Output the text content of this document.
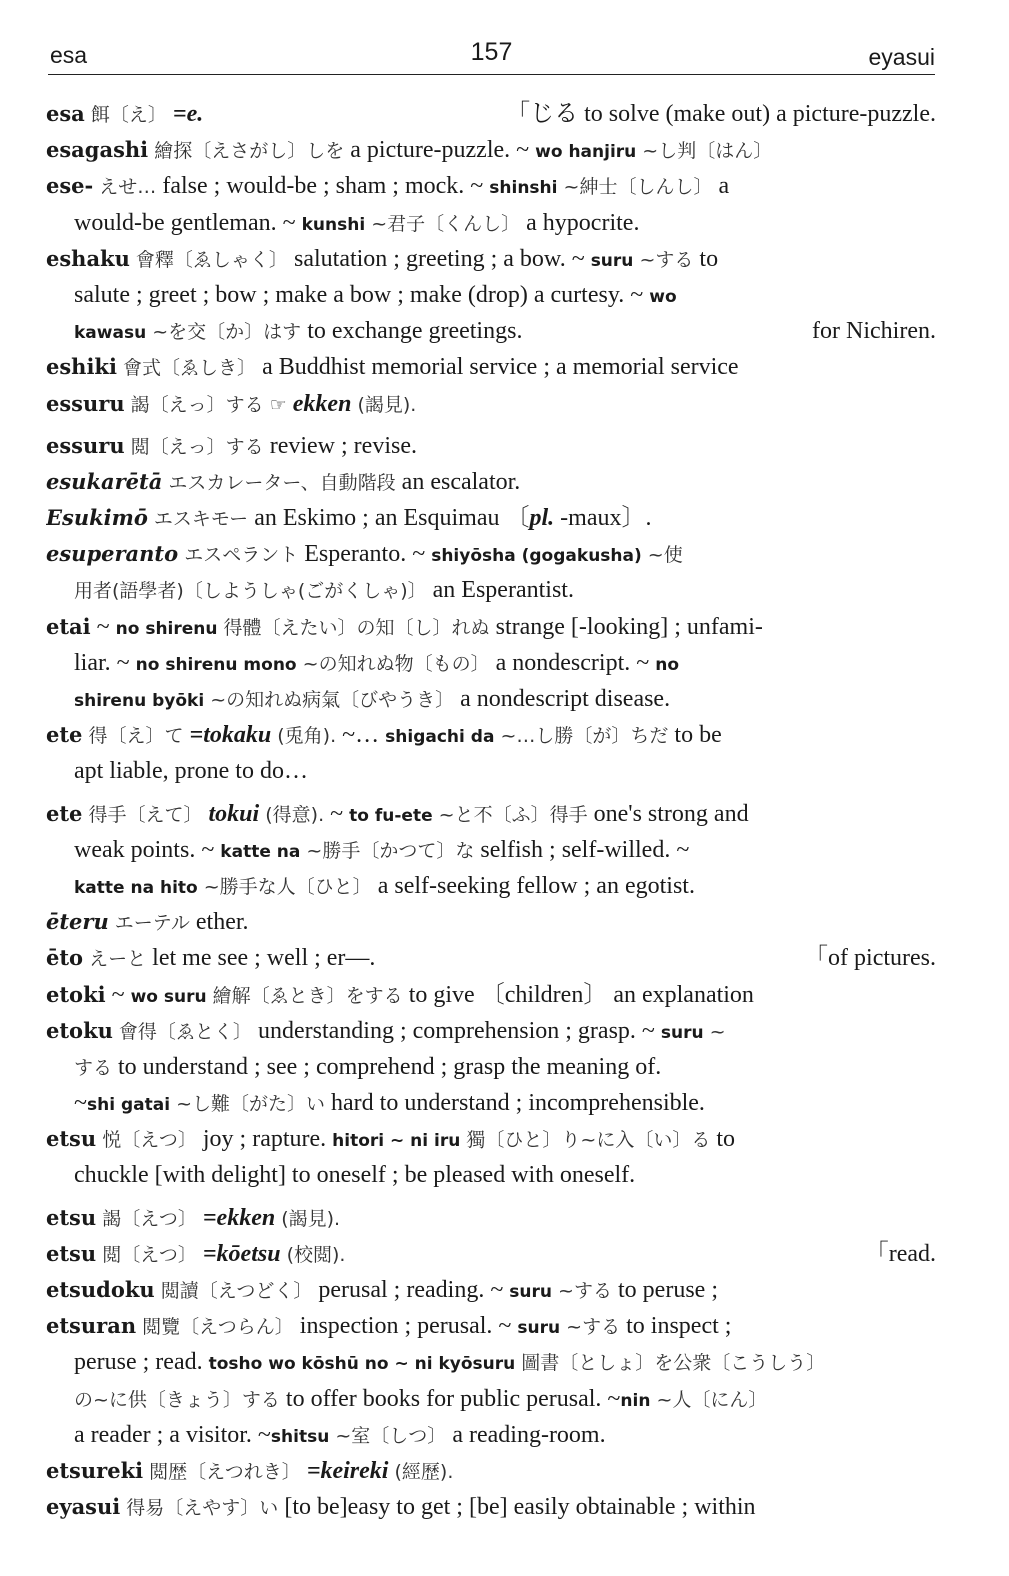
esa	157	eyasui
esa 餌〔え〕 =e.	「じる to solve (make out) a picture-puzzle.
esagashi 繪探〔えさがし〕しを a picture-puzzle. ~ wo hanjiru ~し判〔はん〕
ese- えせ… false ; would-be ; sham ; mock. ~ shinshi ~紳士〔しんし〕 a
would-be gentleman. ~ kunshi ~君子〔くんし〕 a hypocrite.
eshaku 會釋〔ゑしゃく〕 salutation ; greeting ; a bow. ~ suru ~する to
salute ; greet ; bow ; make a bow ; make (drop) a curtesy. ~ wo
kawasu ~を交〔か〕はす to exchange greetings.	for Nichiren.
eshiki 會式〔ゑしき〕 a Buddhist memorial service ; a memorial service
essuru 謁〔えっ〕する ☞ ekken (謁見).
essuru 閲〔えっ〕する review ; revise.
esukarētā エスカレーター、自動階段 an escalator.
Esukimō エスキモー an Eskimo ; an Esquimau 〔pl. -maux〕.
esuperanto エスペラント Esperanto. ~ shiyōsha (gogakusha) ~使
用者(語學者)〔しようしゃ(ごがくしゃ)〕 an Esperantist.
etai ~ no shirenu 得體〔えたい〕の知〔し〕れぬ strange [-looking] ; unfami-
liar. ~ no shirenu mono ~の知れぬ物〔もの〕 a nondescript. ~ no
shirenu byōki ~の知れぬ病氣〔びやうき〕 a nondescript disease.
ete 得〔え〕て =tokaku (兎角). ~… shigachi da ~…し勝〔が〕ちだ to be
apt liable, prone to do…
ete 得手〔えて〕 tokui (得意). ~ to fu-ete ~と不〔ふ〕得手 one's strong and
weak points. ~ katte na ~勝手〔かつて〕な selfish ; self-willed. ~
katte na hito ~勝手な人〔ひと〕 a self-seeking fellow ; an egotist.
ēteru エーテル ether.
ēto えーと let me see ; well ; er—.	「of pictures.
etoki ~ wo suru 繪解〔ゑとき〕をする to give 〔children〕 an explanation
etoku 會得〔ゑとく〕 understanding ; comprehension ; grasp. ~ suru ~
する to understand ; see ; comprehend ; grasp the meaning of.
~shi gatai ~し難〔がた〕い hard to understand ; incomprehensible.
etsu 悦〔えつ〕 joy ; rapture. hitori ~ ni iru 獨〔ひと〕り~に入〔い〕る to
chuckle [with delight] to oneself ; be pleased with oneself.
etsu 謁〔えつ〕 =ekken (謁見).
etsu 閲〔えつ〕 =kōetsu (校閲).	「read.
etsudoku 閲讀〔えつどく〕 perusal ; reading. ~ suru ~する to peruse ;
etsuran 閲覽〔えつらん〕 inspection ; perusal. ~ suru ~する to inspect ;
peruse ; read. tosho wo kōshū no ~ ni kyōsuru 圖書〔としょ〕を公衆〔こうしう〕
の~に供〔きょう〕する to offer books for public perusal. ~nin ~人〔にん〕
a reader ; a visitor. ~shitsu ~室〔しつ〕 a reading-room.
etsureki 閲歴〔えつれき〕 =keireki (經歷).
eyasui 得易〔えやす〕い [to be]easy to get ; [be] easily obtainable ; within
